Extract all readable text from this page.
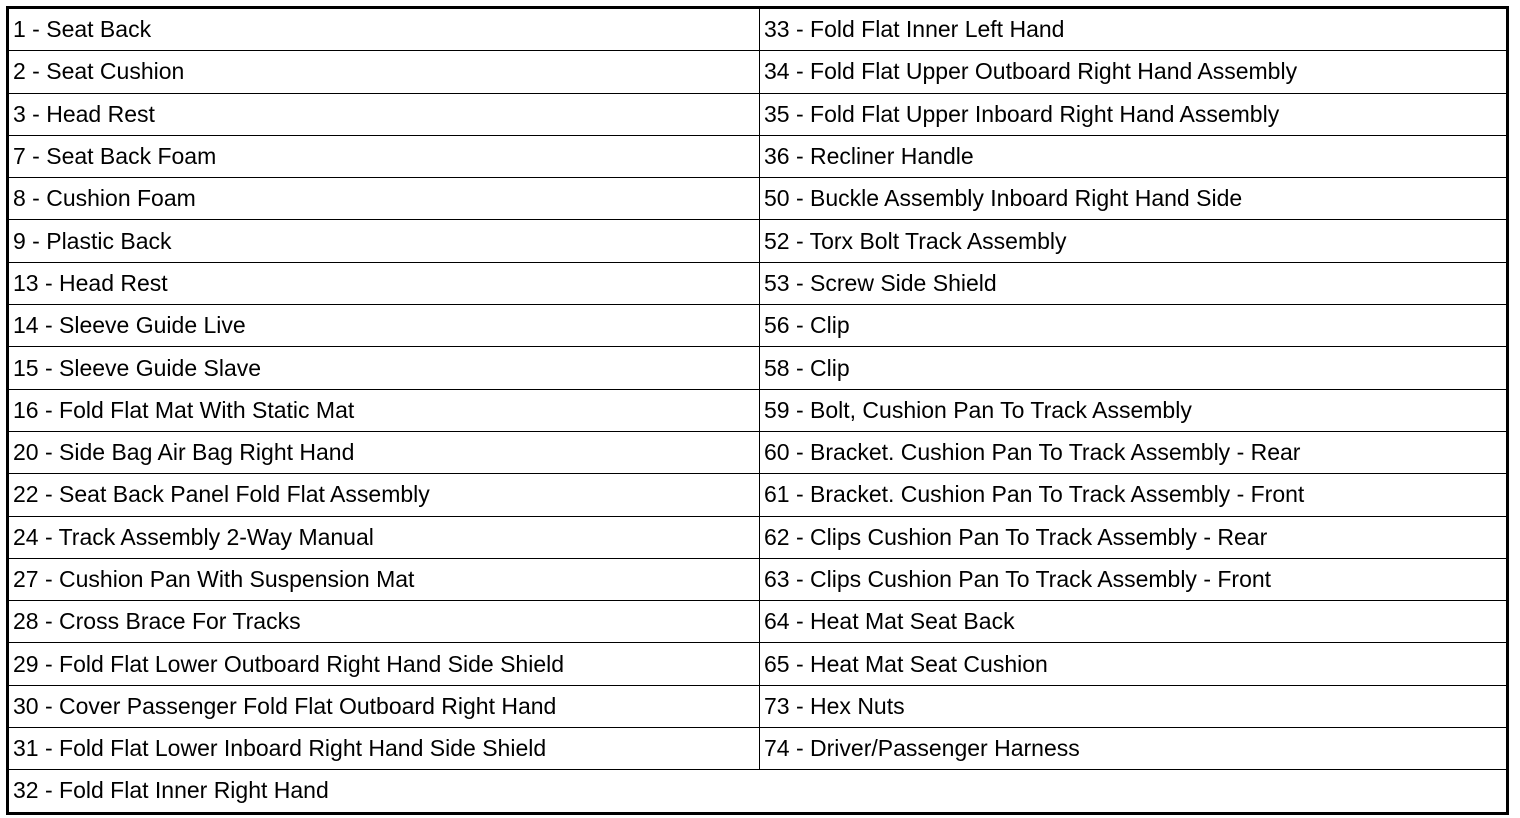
1 - Seat Back	33 - Fold Flat Inner Left Hand
2 - Seat Cushion	34 - Fold Flat Upper Outboard Right Hand Assembly
3 - Head Rest	35 - Fold Flat Upper Inboard Right Hand Assembly
7 - Seat Back Foam	36 - Recliner Handle
8 - Cushion Foam	50 - Buckle Assembly Inboard Right Hand Side
9 - Plastic Back	52 - Torx Bolt Track Assembly
13 - Head Rest	53 - Screw Side Shield
14 - Sleeve Guide Live	56 - Clip
15 - Sleeve Guide Slave	58 - Clip
16 - Fold Flat Mat With Static Mat	59 - Bolt, Cushion Pan To Track Assembly
20 - Side Bag Air Bag Right Hand	60 - Bracket. Cushion Pan To Track Assembly - Rear
22 - Seat Back Panel Fold Flat Assembly	61 - Bracket. Cushion Pan To Track Assembly - Front
24 - Track Assembly 2-Way Manual	62 - Clips Cushion Pan To Track Assembly - Rear
27 - Cushion Pan With Suspension Mat	63 - Clips Cushion Pan To Track Assembly - Front
28 - Cross Brace For Tracks	64 - Heat Mat Seat Back
29 - Fold Flat Lower Outboard Right Hand Side Shield	65 - Heat Mat Seat Cushion
30 - Cover Passenger Fold Flat Outboard Right Hand	73 - Hex Nuts
31 - Fold Flat Lower Inboard Right Hand Side Shield	74 - Driver/Passenger Harness
32 - Fold Flat Inner Right Hand	
